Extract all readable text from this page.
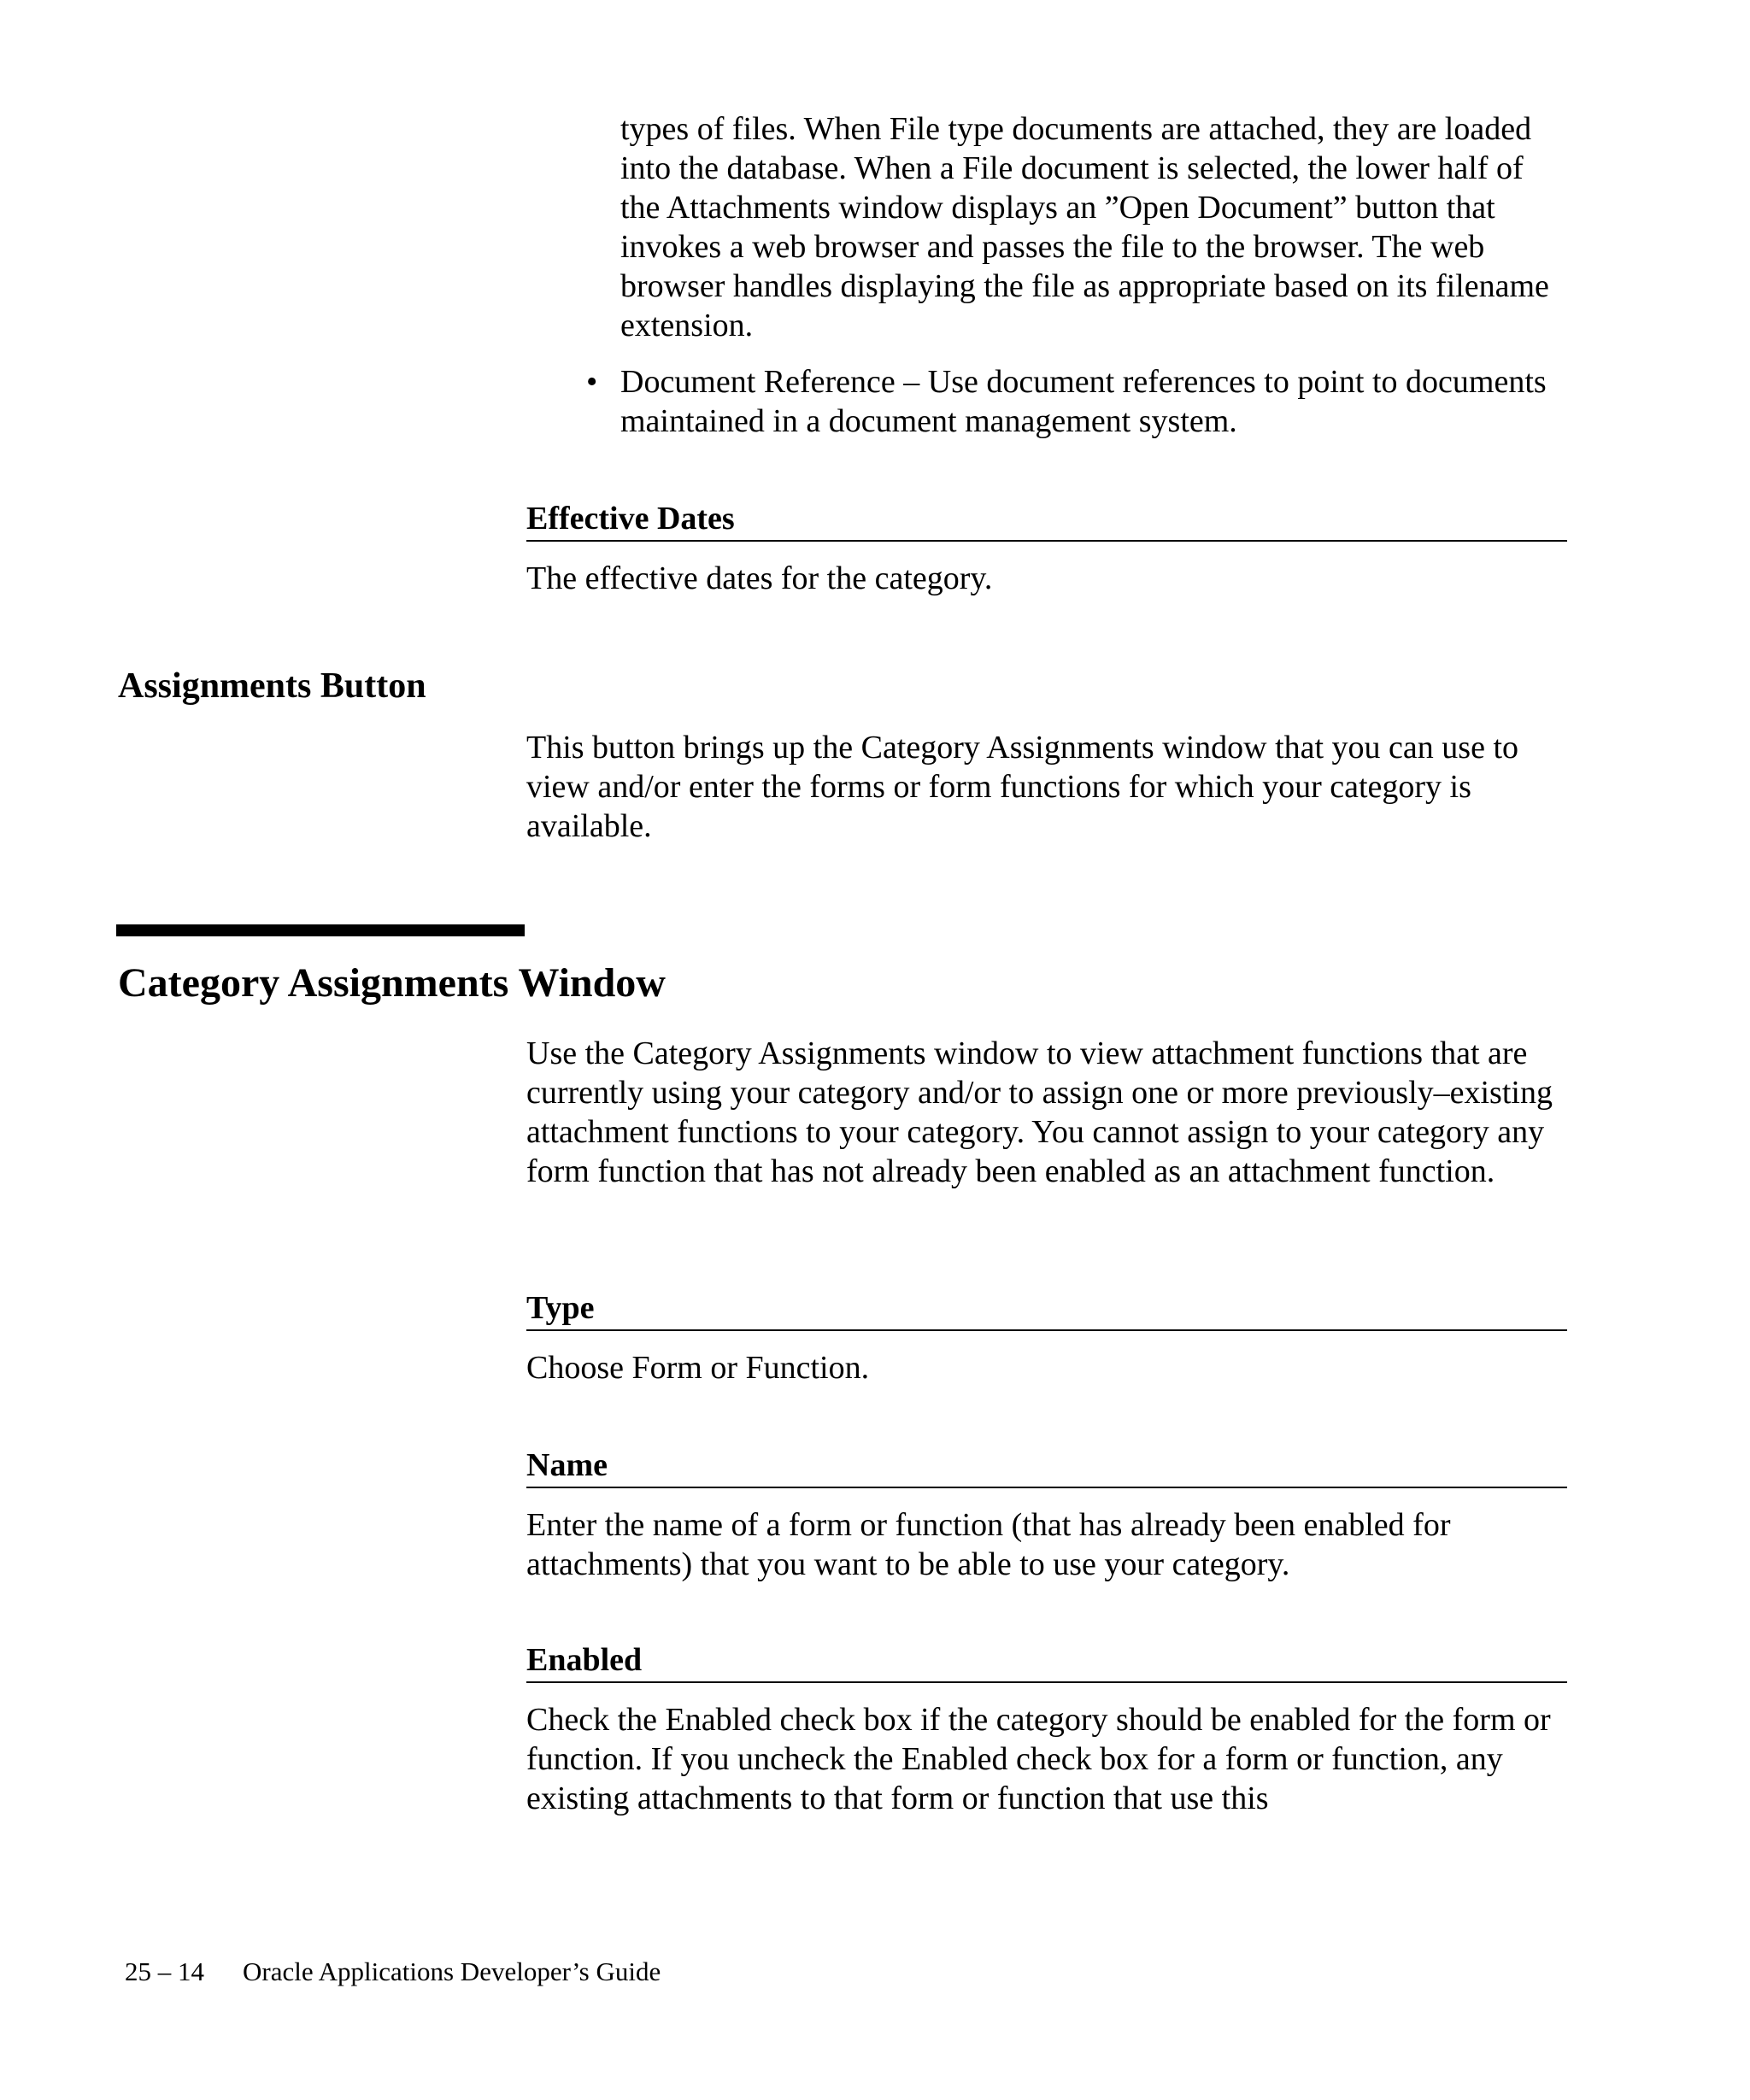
types of files. When File type documents are attached, they are loaded into the database. When a File document is selected, the lower half of the Attachments window displays an ”Open Document” button that invokes a web browser and passes the file to the browser. The web browser handles displaying the file as appropriate based on its filename extension.

• Document Reference – Use document references to point to documents maintained in a document management system.
Effective Dates

The effective dates for the category.

Assignments Button

This button brings up the Category Assignments window that you can use to view and/or enter the forms or form functions for which your category is available.

Category Assignments Window

Use the Category Assignments window to view attachment functions that are currently using your category and/or to assign one or more previously–existing attachment functions to your category. You cannot assign to your category any form function that has not already been enabled as an attachment function.

Type

Choose Form or Function.

Name

Enter the name of a form or function (that has already been enabled for attachments) that you want to be able to use your category.

Enabled

Check the Enabled check box if the category should be enabled for the form or function. If you uncheck the Enabled check box for a form or function, any existing attachments to that form or function that use this

25 – 14 Oracle Applications Developer’s Guide
